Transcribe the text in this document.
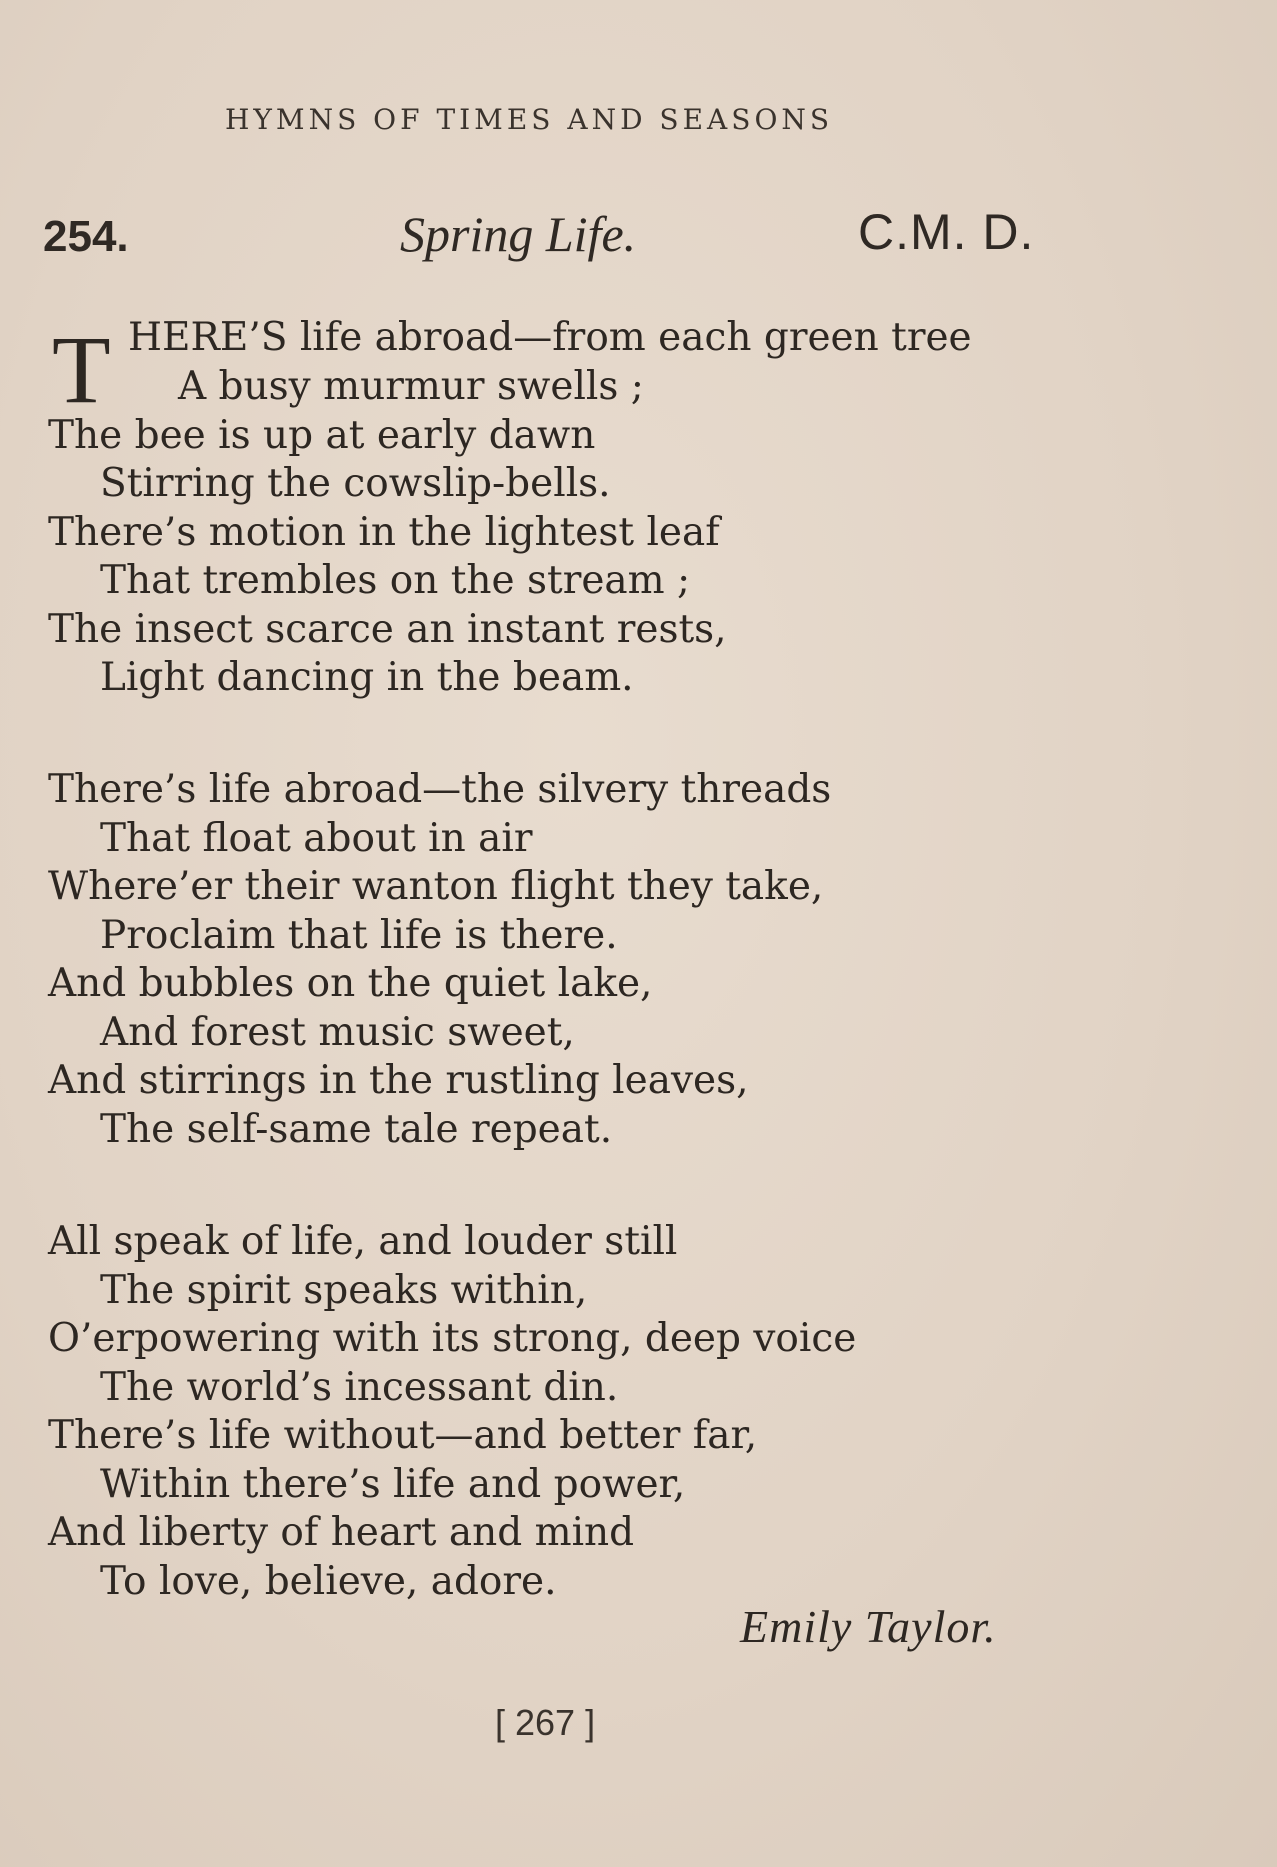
HYMNS OF TIMES AND SEASONS
254.	Spring Life.	C.M. D.
T HERE’S life abroad—from each green tree
A busy murmur swells ;
The bee is up at early dawn
Stirring the cowslip-bells.
There’s motion in the lightest leaf
That trembles on the stream ;
The insect scarce an instant rests,
Light dancing in the beam.
There’s life abroad—the silvery threads
That float about in air
Where’er their wanton flight they take,
Proclaim that life is there.
And bubbles on the quiet lake,
And forest music sweet,
And stirrings in the rustling leaves,
The self-same tale repeat.
All speak of life, and louder still
The spirit speaks within,
O’erpowering with its strong, deep voice
The world’s incessant din.
There’s life without—and better far,
Within there’s life and power,
And liberty of heart and mind
To love, believe, adore.
Emily Taylor.
[ 267 ]
